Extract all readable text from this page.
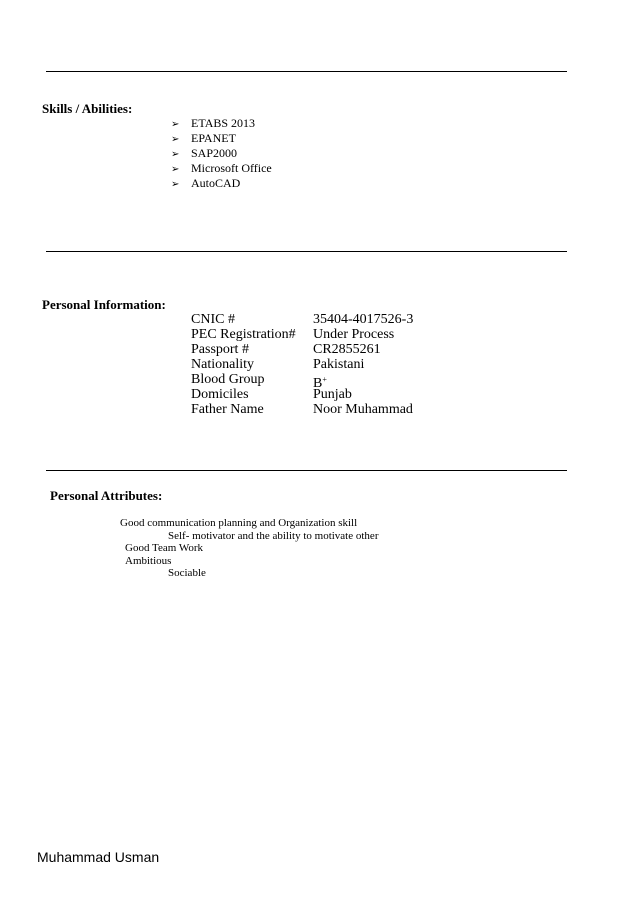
Skills / Abilities:
➢ ETABS 2013
➢ EPANET
➢ SAP2000
➢ Microsoft Office
➢ AutoCAD
Personal Information:
CNIC #	35404-4017526-3
PEC Registration# Under Process
Passport #	CR2855261
Nationality	Pakistani
Blood Group	B+
Domiciles	Punjab
Father Name	Noor Muhammad
Personal Attributes:
Good communication planning and Organization skill
Self- motivator and the ability to motivate other
Good Team Work
Ambitious
Sociable
Muhammad Usman
